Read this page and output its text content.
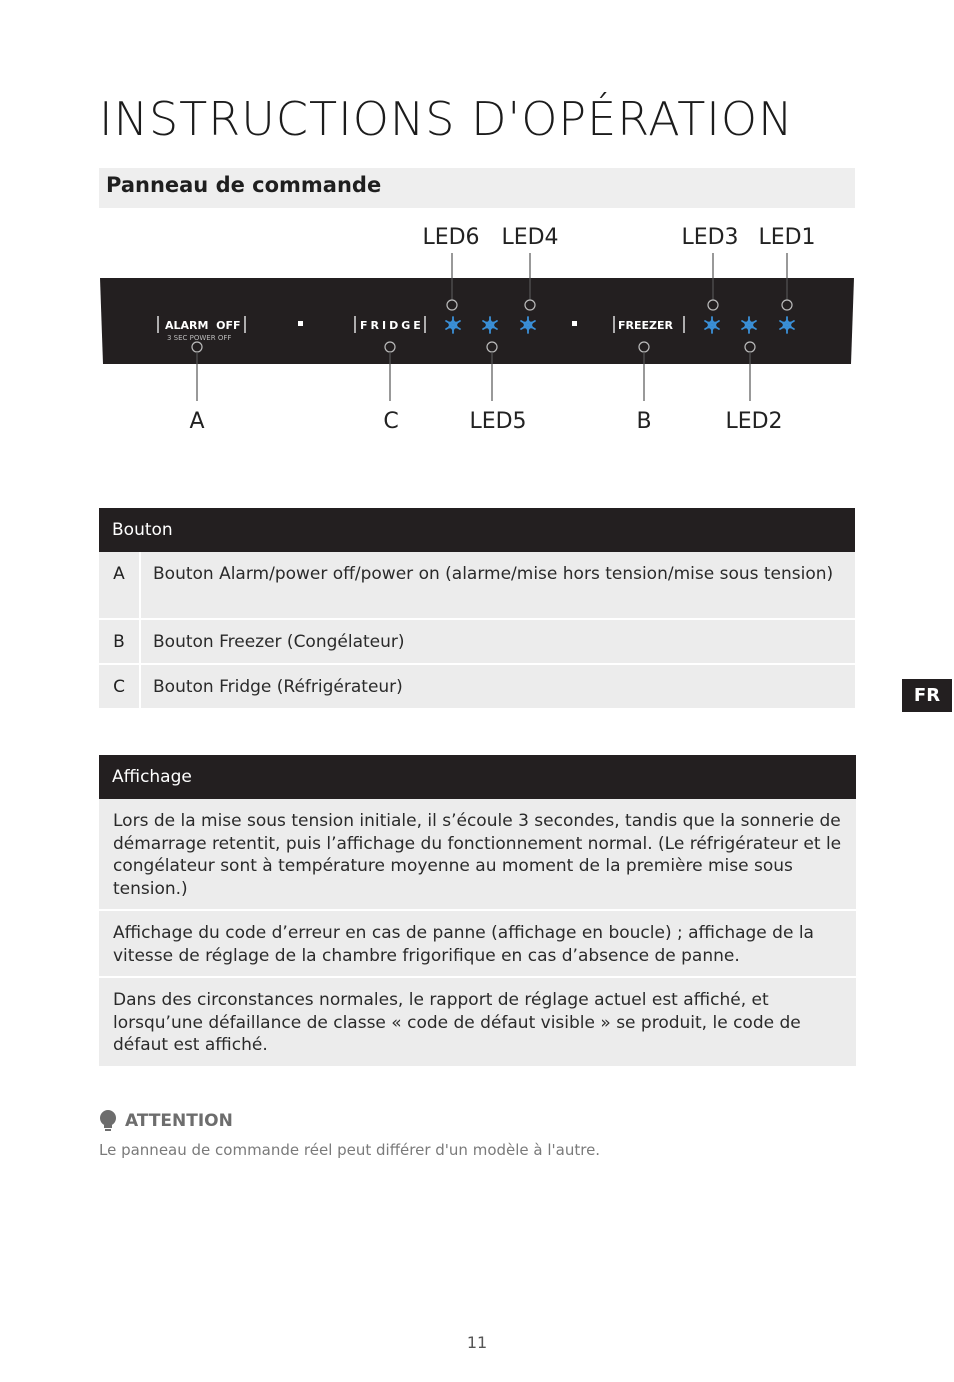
INSTRUCTIONS D'OPÉRATION
Panneau de commande
LED6 LED4	LED3 LED1
ALARM  OFF
3 SEC POWER OFF
FRIDGE	FREEZER
A	C	LED5	B	LED2
Bouton
A	Bouton Alarm/power off/power on (alarme/mise hors tension/mise sous tension)
B	Bouton Freezer (Congélateur)
C	Bouton Fridge (Réfrigérateur)	FR
Affichage
Lors de la mise sous tension initiale, il s’écoule 3 secondes, tandis que la sonnerie de démarrage retentit, puis l’affichage du fonctionnement normal. (Le réfrigérateur et le congélateur sont à température moyenne au moment de la première mise sous tension.)
Affichage du code d’erreur en cas de panne (affichage en boucle) ; affichage de la vitesse de réglage de la chambre frigorifique en cas d’absence de panne.
Dans des circonstances normales, le rapport de réglage actuel est affiché, et lorsqu’une défaillance de classe « code de défaut visible » se produit, le code de défaut est affiché.
ATTENTION
Le panneau de commande réel peut différer d'un modèle à l'autre.
11
